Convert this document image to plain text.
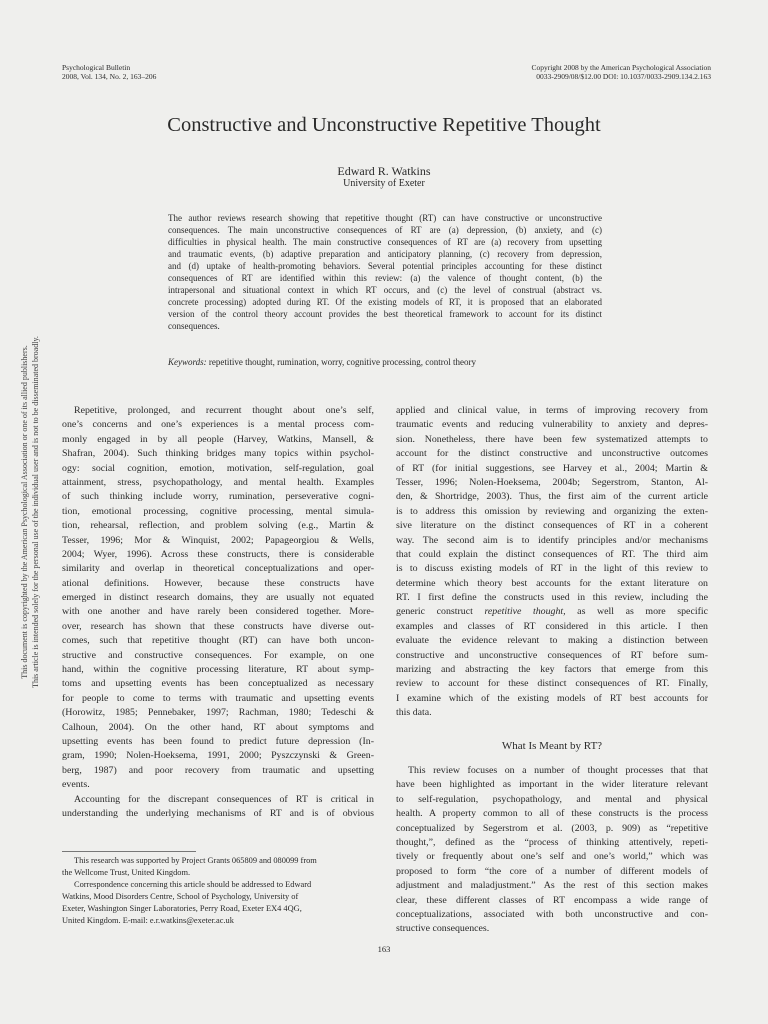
Psychological Bulletin
2008, Vol. 134, No. 2, 163–206
Copyright 2008 by the American Psychological Association
0033-2909/08/$12.00 DOI: 10.1037/0033-2909.134.2.163
Constructive and Unconstructive Repetitive Thought
Edward R. Watkins
University of Exeter
The author reviews research showing that repetitive thought (RT) can have constructive or unconstructive
consequences. The main unconstructive consequences of RT are (a) depression, (b) anxiety, and (c)
difficulties in physical health. The main constructive consequences of RT are (a) recovery from upsetting
and traumatic events, (b) adaptive preparation and anticipatory planning, (c) recovery from depression,
and (d) uptake of health-promoting behaviors. Several potential principles accounting for these distinct
consequences of RT are identified within this review: (a) the valence of thought content, (b) the
intrapersonal and situational context in which RT occurs, and (c) the level of construal (abstract vs.
concrete processing) adopted during RT. Of the existing models of RT, it is proposed that an elaborated
version of the control theory account provides the best theoretical framework to account for its distinct
consequences.
Keywords: repetitive thought, rumination, worry, cognitive processing, control theory
Repetitive, prolonged, and recurrent thought about one’s self,
one’s concerns and one’s experiences is a mental process com-
monly engaged in by all people (Harvey, Watkins, Mansell, &
Shafran, 2004). Such thinking bridges many topics within psychol-
ogy: social cognition, emotion, motivation, self-regulation, goal
attainment, stress, psychopathology, and mental health. Examples
of such thinking include worry, rumination, perseverative cogni-
tion, emotional processing, cognitive processing, mental simula-
tion, rehearsal, reflection, and problem solving (e.g., Martin &
Tesser, 1996; Mor & Winquist, 2002; Papageorgiou & Wells,
2004; Wyer, 1996). Across these constructs, there is considerable
similarity and overlap in theoretical conceptualizations and oper-
ational definitions. However, because these constructs have
emerged in distinct research domains, they are usually not equated
with one another and have rarely been considered together. More-
over, research has shown that these constructs have diverse out-
comes, such that repetitive thought (RT) can have both uncon-
structive and constructive consequences. For example, on one
hand, within the cognitive processing literature, RT about symp-
toms and upsetting events has been conceptualized as necessary
for people to come to terms with traumatic and upsetting events
(Horowitz, 1985; Pennebaker, 1997; Rachman, 1980; Tedeschi &
Calhoun, 2004). On the other hand, RT about symptoms and
upsetting events has been found to predict future depression (In-
gram, 1990; Nolen-Hoeksema, 1991, 2000; Pyszczynski & Green-
berg, 1987) and poor recovery from traumatic and upsetting
events.
Accounting for the discrepant consequences of RT is critical in
understanding the underlying mechanisms of RT and is of obvious
applied and clinical value, in terms of improving recovery from
traumatic events and reducing vulnerability to anxiety and depres-
sion. Nonetheless, there have been few systematized attempts to
account for the distinct constructive and unconstructive outcomes
of RT (for initial suggestions, see Harvey et al., 2004; Martin &
Tesser, 1996; Nolen-Hoeksema, 2004b; Segerstrom, Stanton, Al-
den, & Shortridge, 2003). Thus, the first aim of the current article
is to address this omission by reviewing and organizing the exten-
sive literature on the distinct consequences of RT in a coherent
way. The second aim is to identify principles and/or mechanisms
that could explain the distinct consequences of RT. The third aim
is to discuss existing models of RT in the light of this review to
determine which theory best accounts for the extant literature on
RT. I first define the constructs used in this review, including the
generic construct repetitive thought, as well as more specific
examples and classes of RT considered in this article. I then
evaluate the evidence relevant to making a distinction between
constructive and unconstructive consequences of RT before sum-
marizing and abstracting the key factors that emerge from this
review to account for these distinct consequences of RT. Finally,
I examine which of the existing models of RT best accounts for
this data.
What Is Meant by RT?
This review focuses on a number of thought processes that that
have been highlighted as important in the wider literature relevant
to self-regulation, psychopathology, and mental and physical
health. A property common to all of these constructs is the process
conceptualized by Segerstrom et al. (2003, p. 909) as “repetitive
thought,”, defined as the “process of thinking attentively, repeti-
tively or frequently about one’s self and one’s world,” which was
proposed to form “the core of a number of different models of
adjustment and maladjustment.” As the rest of this section makes
clear, these different classes of RT encompass a wide range of
conceptualizations, associated with both unconstructive and con-
structive consequences.
This research was supported by Project Grants 065809 and 080099 from
the Wellcome Trust, United Kingdom.
Correspondence concerning this article should be addressed to Edward
Watkins, Mood Disorders Centre, School of Psychology, University of
Exeter, Washington Singer Laboratories, Perry Road, Exeter EX4 4QG,
United Kingdom. E-mail: e.r.watkins@exeter.ac.uk
163
This document is copyrighted by the American Psychological Association or one of its allied publishers. This article is intended solely for the personal use of the individual user and is not to be disseminated broadly.
